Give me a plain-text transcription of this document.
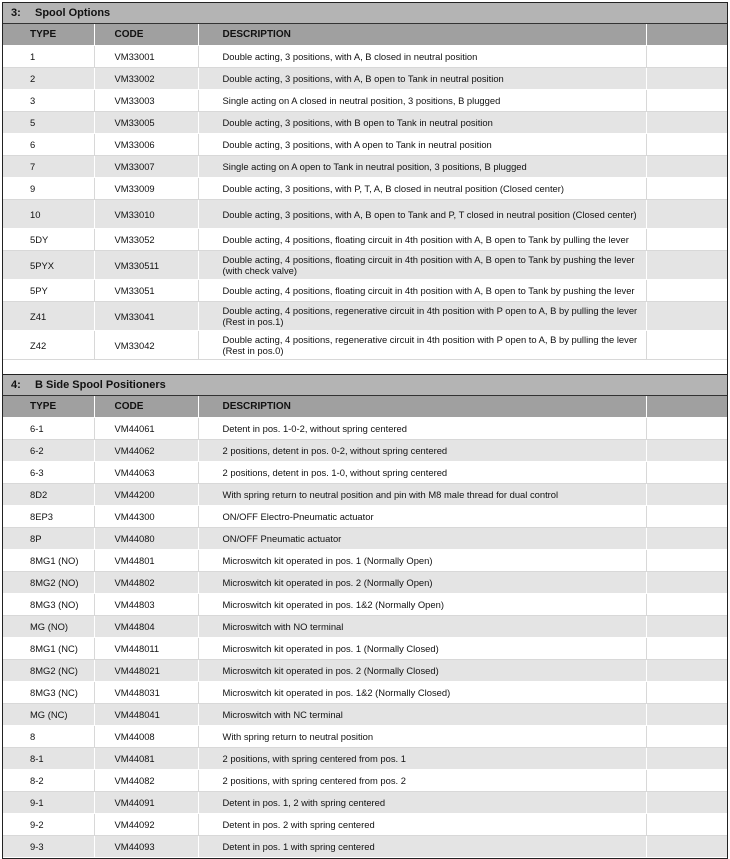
3: Spool Options
TYPE	CODE	DESCRIPTION	
1	VM33001	Double acting, 3 positions, with A, B closed in neutral position	
2	VM33002	Double acting, 3 positions, with A, B open to Tank in neutral position	
3	VM33003	Single acting on A closed in neutral position, 3 positions, B plugged	
5	VM33005	Double acting, 3 positions, with B open to Tank in neutral position	
6	VM33006	Double acting, 3 positions, with A open to Tank in neutral position	
7	VM33007	Single acting on A open to Tank in neutral position, 3 positions, B plugged	
9	VM33009	Double acting, 3 positions, with P, T, A, B closed in neutral position (Closed center)	
10	VM33010	Double acting, 3 positions, with A, B open to Tank and P, T closed in neutral position (Closed center)	
5DY	VM33052	Double acting, 4 positions, floating circuit in 4th position with A, B open to Tank by pulling the lever	
5PYX	VM330511	Double acting, 4 positions, floating circuit in 4th position with A, B open to Tank by pushing the lever (with check valve)	
5PY	VM33051	Double acting, 4 positions, floating circuit in 4th position with A, B open to Tank by pushing the lever	
Z41	VM33041	Double acting, 4 positions, regenerative circuit in 4th position with P open to A, B by pulling the lever (Rest in pos.1)	
Z42	VM33042	Double acting, 4 positions, regenerative circuit in 4th position with P open to A, B by pulling the lever (Rest in pos.0)	
4: B Side Spool Positioners
TYPE	CODE	DESCRIPTION	
6-1	VM44061	Detent in pos. 1-0-2, without spring centered	
6-2	VM44062	2 positions, detent in pos. 0-2, without spring centered	
6-3	VM44063	2 positions, detent in pos. 1-0, without spring centered	
8D2	VM44200	With spring return to neutral position and pin with M8 male thread for dual control	
8EP3	VM44300	ON/OFF Electro-Pneumatic actuator	
8P	VM44080	ON/OFF Pneumatic actuator	
8MG1 (NO)	VM44801	Microswitch kit operated in pos. 1 (Normally Open)	
8MG2 (NO)	VM44802	Microswitch kit operated in pos. 2 (Normally Open)	
8MG3 (NO)	VM44803	Microswitch kit operated in pos. 1&2 (Normally Open)	
MG (NO)	VM44804	Microswitch with NO terminal	
8MG1 (NC)	VM448011	Microswitch kit operated in pos. 1 (Normally Closed)	
8MG2 (NC)	VM448021	Microswitch kit operated in pos. 2 (Normally Closed)	
8MG3 (NC)	VM448031	Microswitch kit operated in pos. 1&2 (Normally Closed)	
MG (NC)	VM448041	Microswitch with NC terminal	
8	VM44008	With spring return to neutral position	
8-1	VM44081	2 positions, with spring centered from pos. 1	
8-2	VM44082	2 positions, with spring centered from pos. 2	
9-1	VM44091	Detent in pos. 1, 2 with spring centered	
9-2	VM44092	Detent in pos. 2 with spring centered	
9-3	VM44093	Detent in pos. 1 with spring centered	
